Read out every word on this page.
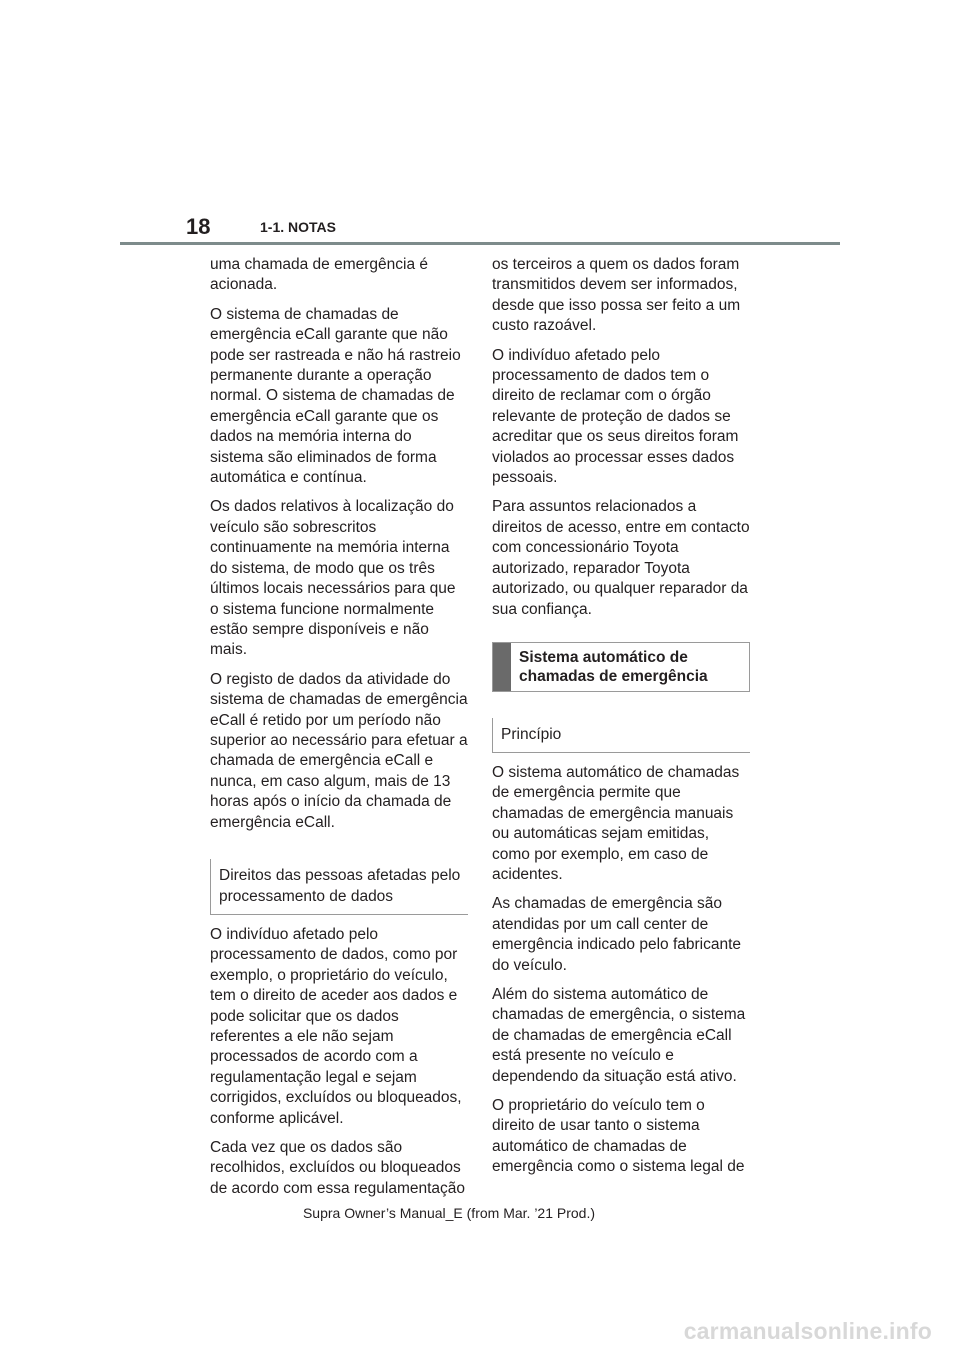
18	1-1. NOTAS

uma chamada de emergência é acionada.

O sistema de chamadas de emergência eCall garante que não pode ser rastreada e não há rastreio permanente durante a operação normal. O sistema de chamadas de emergência eCall garante que os dados na memória interna do sistema são eliminados de forma automática e contínua.

Os dados relativos à localização do veículo são sobrescritos continuamente na memória interna do sistema, de modo que os três últimos locais necessários para que o sistema funcione normalmente estão sempre disponíveis e não mais.

O registo de dados da atividade do sistema de chamadas de emergência eCall é retido por um período não superior ao necessário para efetuar a chamada de emergência eCall e nunca, em caso algum, mais de 13 horas após o início da chamada de emergência eCall.

Direitos das pessoas afetadas pelo processamento de dados

O indivíduo afetado pelo processamento de dados, como por exemplo, o proprietário do veículo, tem o direito de aceder aos dados e pode solicitar que os dados referentes a ele não sejam processados de acordo com a regulamentação legal e sejam corrigidos, excluídos ou bloqueados, conforme aplicável.

Cada vez que os dados são recolhidos, excluídos ou bloqueados de acordo com essa regulamentação

os terceiros a quem os dados foram transmitidos devem ser informados, desde que isso possa ser feito a um custo razoável.

O indivíduo afetado pelo processamento de dados tem o direito de reclamar com o órgão relevante de proteção de dados se acreditar que os seus direitos foram violados ao processar esses dados pessoais.

Para assuntos relacionados a direitos de acesso, entre em contacto com concessionário Toyota autorizado, reparador Toyota autorizado, ou qualquer reparador da sua confiança.

Sistema automático de chamadas de emergência
Princípio

O sistema automático de chamadas de emergência permite que chamadas de emergência manuais ou automáticas sejam emitidas, como por exemplo, em caso de acidentes.

As chamadas de emergência são atendidas por um call center de emergência indicado pelo fabricante do veículo.

Além do sistema automático de chamadas de emergência, o sistema de chamadas de emergência eCall está presente no veículo e dependendo da situação está ativo.

O proprietário do veículo tem o direito de usar tanto o sistema automático de chamadas de emergência como o sistema legal de

Supra Owner’s Manual_E (from Mar. ’21 Prod.)
carmanualsonline.info
